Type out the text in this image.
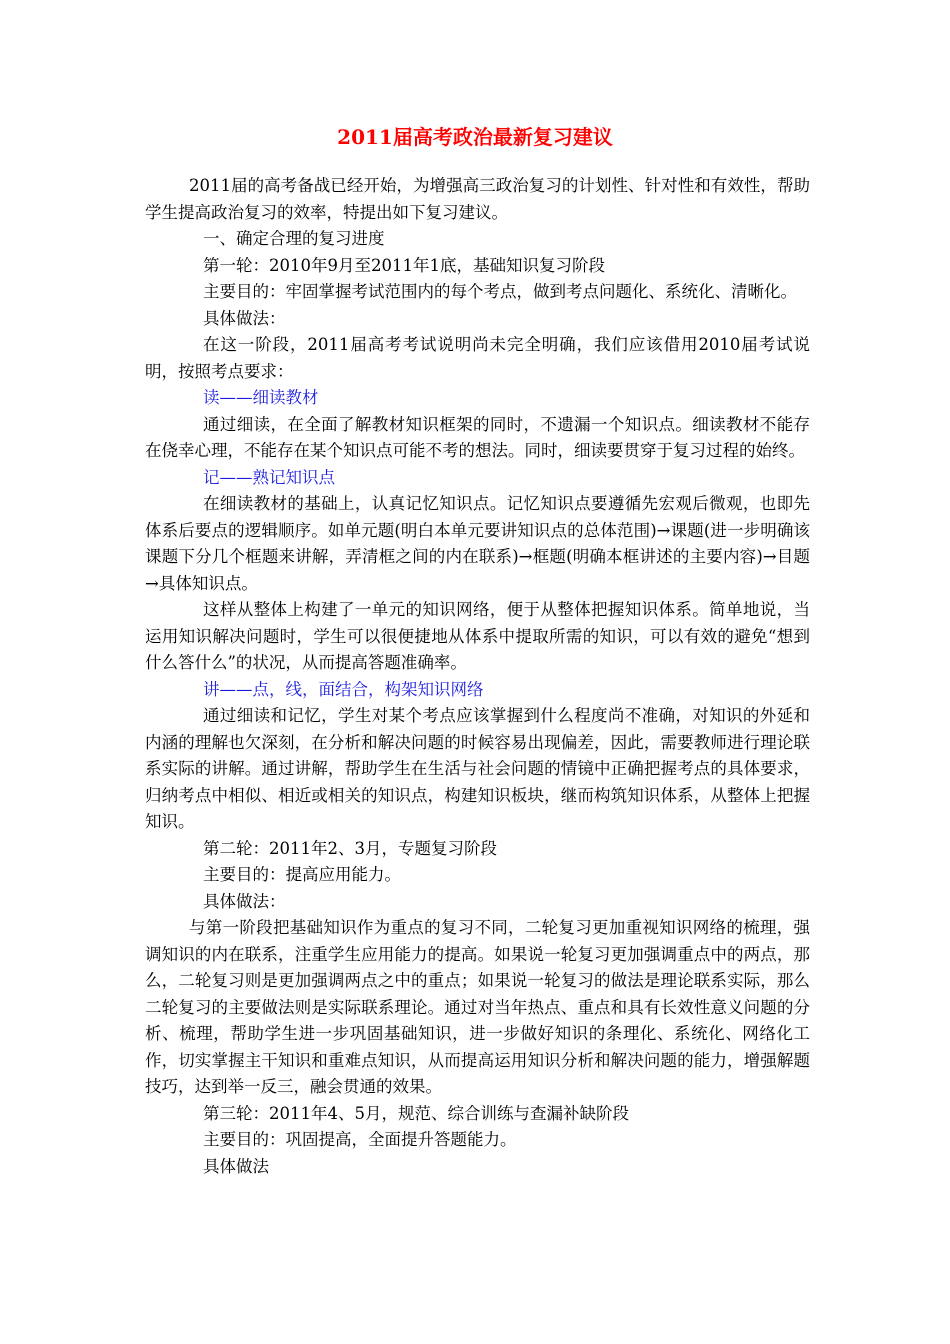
2011届高考政治最新复习建议

2011届的高考备战已经开始，为增强高三政治复习的计划性、针对性和有效性，帮助学生提高政治复习的效率，特提出如下复习建议。

一、确定合理的复习进度

第一轮：2010年9月至2011年1底，基础知识复习阶段

主要目的：牢固掌握考试范围内的每个考点，做到考点问题化、系统化、清晰化。

具体做法：

在这一阶段，2011届高考考试说明尚未完全明确，我们应该借用2010届考试说明，按照考点要求：

读——细读教材

通过细读，在全面了解教材知识框架的同时，不遗漏一个知识点。细读教材不能存在侥幸心理，不能存在某个知识点可能不考的想法。同时，细读要贯穿于复习过程的始终。

记——熟记知识点

在细读教材的基础上，认真记忆知识点。记忆知识点要遵循先宏观后微观，也即先体系后要点的逻辑顺序。如单元题(明白本单元要讲知识点的总体范围)→课题(进一步明确该课题下分几个框题来讲解，弄清框之间的内在联系)→框题(明确本框讲述的主要内容)→目题→具体知识点。

这样从整体上构建了一单元的知识网络，便于从整体把握知识体系。简单地说，当运用知识解决问题时，学生可以很便捷地从体系中提取所需的知识，可以有效的避免“想到什么答什么”的状况，从而提高答题准确率。

讲——点，线，面结合，构架知识网络

通过细读和记忆，学生对某个考点应该掌握到什么程度尚不准确，对知识的外延和内涵的理解也欠深刻，在分析和解决问题的时候容易出现偏差，因此，需要教师进行理论联系实际的讲解。通过讲解，帮助学生在生活与社会问题的情镜中正确把握考点的具体要求，归纳考点中相似、相近或相关的知识点，构建知识板块，继而构筑知识体系，从整体上把握知识。

第二轮：2011年2、3月，专题复习阶段

主要目的：提高应用能力。

具体做法：

与第一阶段把基础知识作为重点的复习不同，二轮复习更加重视知识网络的梳理，强调知识的内在联系，注重学生应用能力的提高。如果说一轮复习更加强调重点中的两点，那么，二轮复习则是更加强调两点之中的重点；如果说一轮复习的做法是理论联系实际，那么二轮复习的主要做法则是实际联系理论。通过对当年热点、重点和具有长效性意义问题的分析、梳理，帮助学生进一步巩固基础知识，进一步做好知识的条理化、系统化、网络化工作，切实掌握主干知识和重难点知识，从而提高运用知识分析和解决问题的能力，增强解题技巧，达到举一反三，融会贯通的效果。

第三轮：2011年4、5月，规范、综合训练与查漏补缺阶段

主要目的：巩固提高，全面提升答题能力。

具体做法
